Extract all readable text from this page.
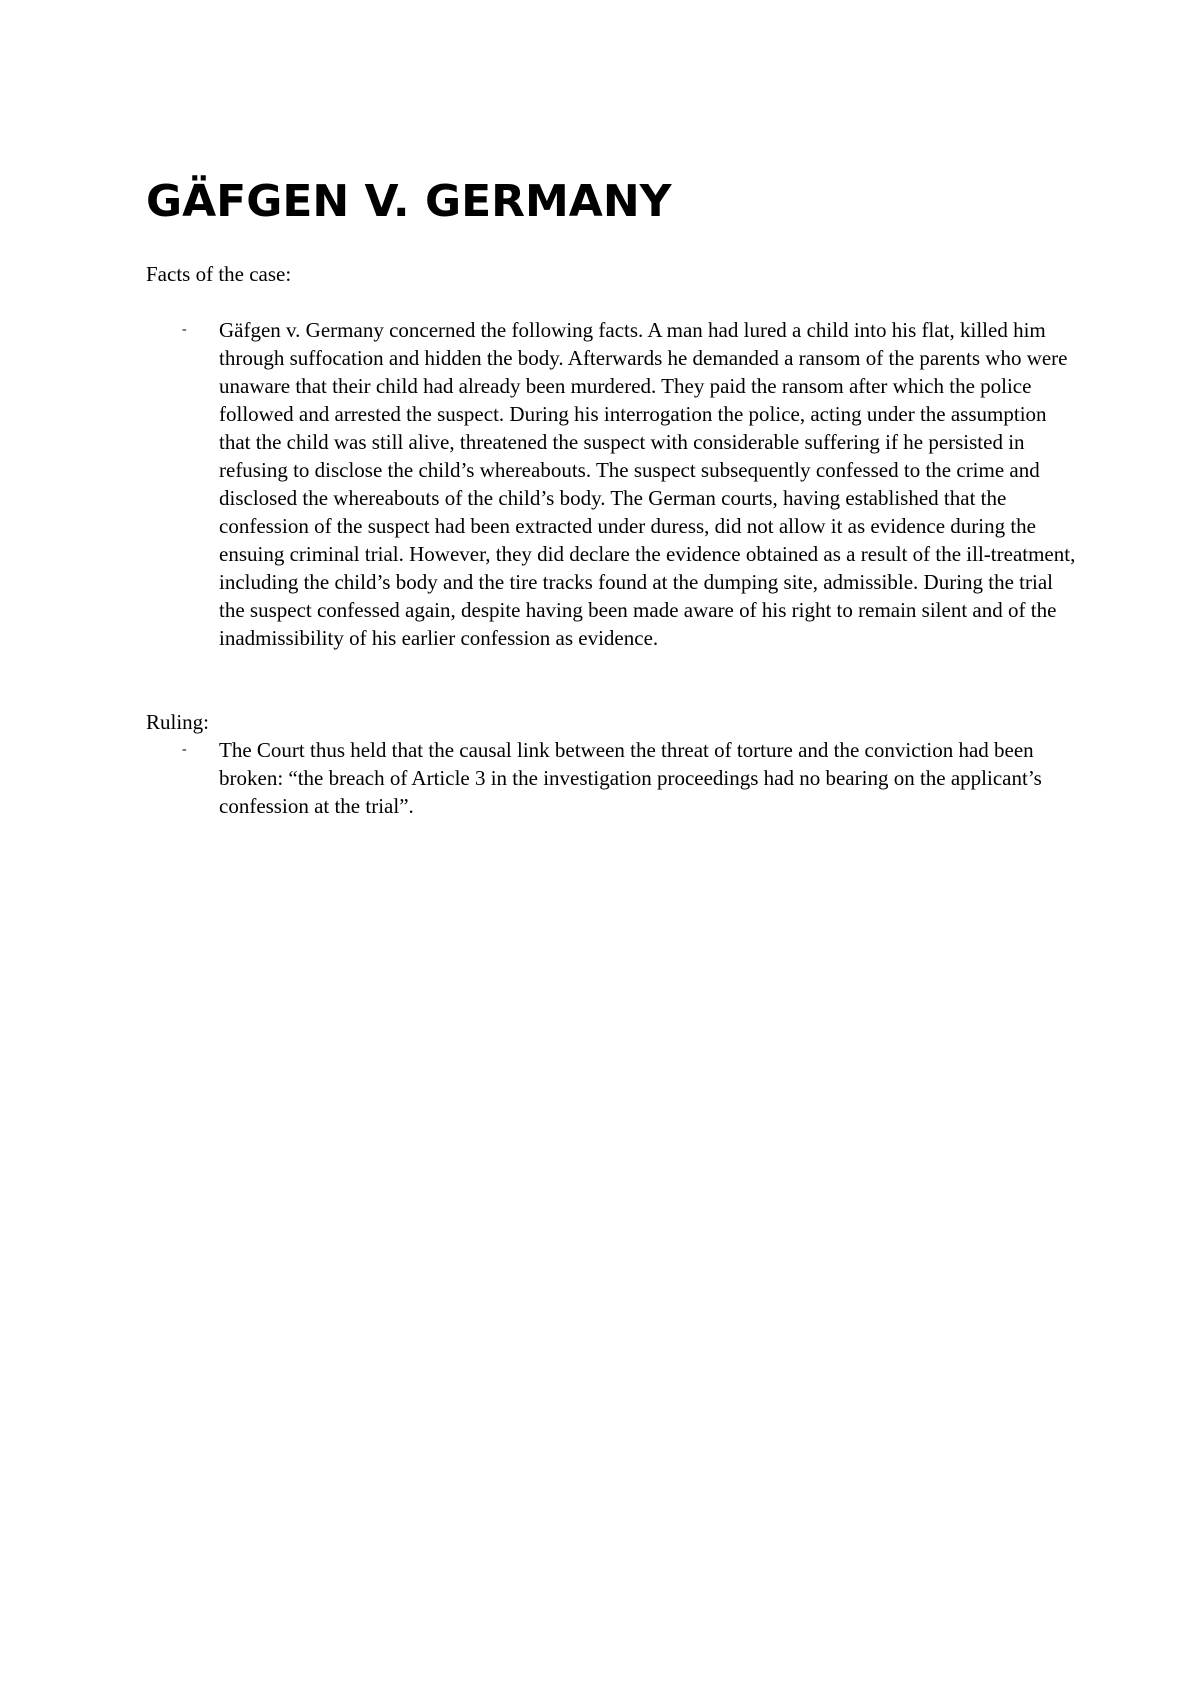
GÄFGEN V. GERMANY

Facts of the case:

- Gäfgen v. Germany concerned the following facts. A man had lured a child into his flat, killed him through suffocation and hidden the body. Afterwards he demanded a ransom of the parents who were unaware that their child had already been murdered. They paid the ransom after which the police followed and arrested the suspect. During his interrogation the police, acting under the assumption that the child was still alive, threatened the suspect with considerable suffering if he persisted in refusing to disclose the child’s whereabouts. The suspect subsequently confessed to the crime and disclosed the whereabouts of the child’s body. The German courts, having established that the confession of the suspect had been extracted under duress, did not allow it as evidence during the ensuing criminal trial. However, they did declare the evidence obtained as a result of the ill-treatment, including the child’s body and the tire tracks found at the dumping site, admissible. During the trial the suspect confessed again, despite having been made aware of his right to remain silent and of the inadmissibility of his earlier confession as evidence.

Ruling:

- The Court thus held that the causal link between the threat of torture and the conviction had been broken: “the breach of Article 3 in the investigation proceedings had no bearing on the applicant’s confession at the trial”.
